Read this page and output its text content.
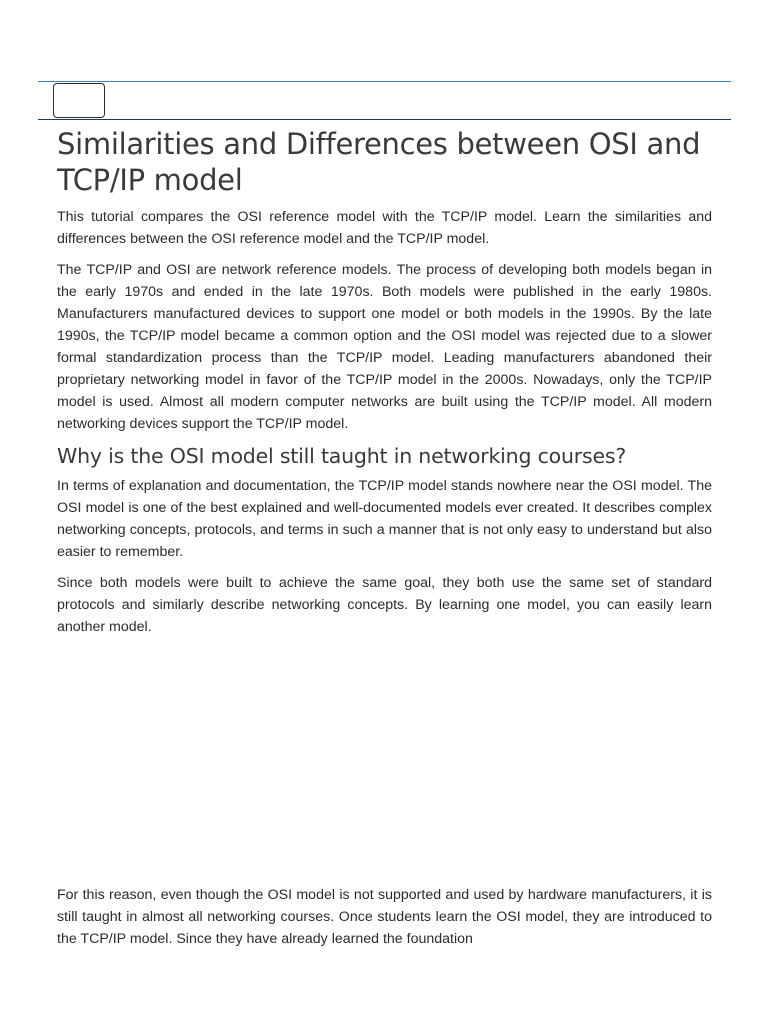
Similarities and Differences between OSI and TCP/IP model

This tutorial compares the OSI reference model with the TCP/IP model. Learn the similarities and differences between the OSI reference model and the TCP/IP model.

The TCP/IP and OSI are network reference models. The process of developing both models began in the early 1970s and ended in the late 1970s. Both models were published in the early 1980s. Manufacturers manufactured devices to support one model or both models in the 1990s. By the late 1990s, the TCP/IP model became a common option and the OSI model was rejected due to a slower formal standardization process than the TCP/IP model. Leading manufacturers abandoned their proprietary networking model in favor of the TCP/IP model in the 2000s. Nowadays, only the TCP/IP model is used. Almost all modern computer networks are built using the TCP/IP model. All modern networking devices support the TCP/IP model.

Why is the OSI model still taught in networking courses?

In terms of explanation and documentation, the TCP/IP model stands nowhere near the OSI model. The OSI model is one of the best explained and well-documented models ever created. It describes complex networking concepts, protocols, and terms in such a manner that is not only easy to understand but also easier to remember.

Since both models were built to achieve the same goal, they both use the same set of standard protocols and similarly describe networking concepts. By learning one model, you can easily learn another model.

For this reason, even though the OSI model is not supported and used by hardware manufacturers, it is still taught in almost all networking courses. Once students learn the OSI model, they are introduced to the TCP/IP model. Since they have already learned the foundation
